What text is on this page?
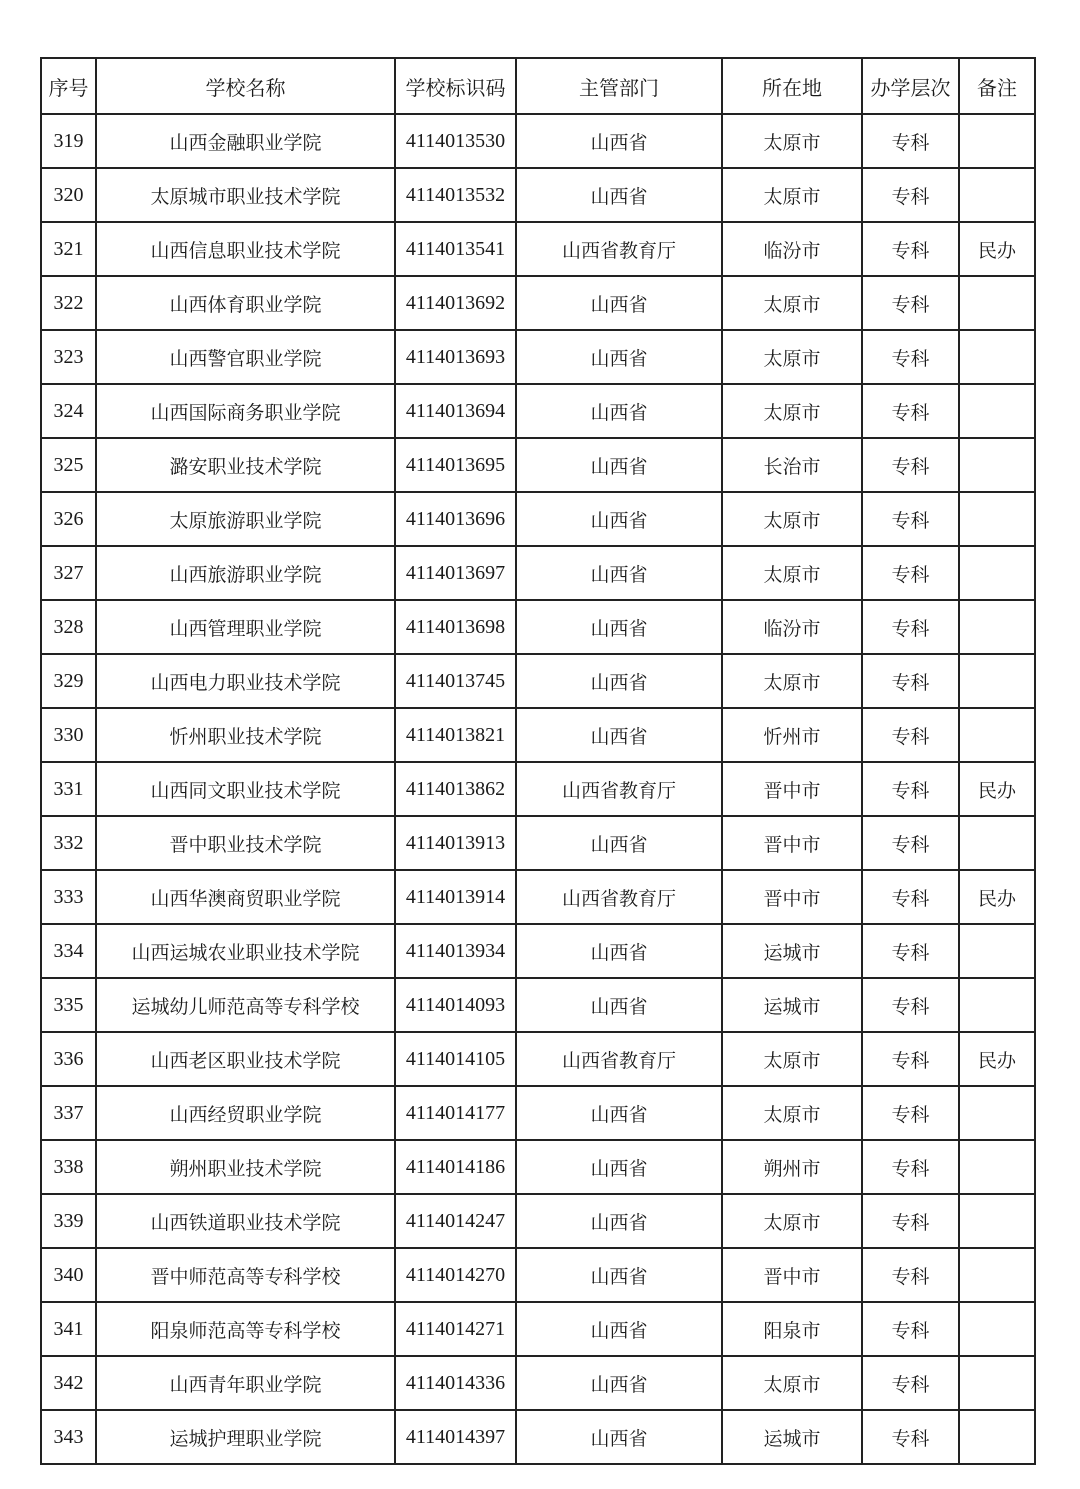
序号	学校名称	学校标识码	主管部门	所在地	办学层次	备注
319	山西金融职业学院	4114013530	山西省	太原市	专科	
320	太原城市职业技术学院	4114013532	山西省	太原市	专科	
321	山西信息职业技术学院	4114013541	山西省教育厅	临汾市	专科	民办
322	山西体育职业学院	4114013692	山西省	太原市	专科	
323	山西警官职业学院	4114013693	山西省	太原市	专科	
324	山西国际商务职业学院	4114013694	山西省	太原市	专科	
325	潞安职业技术学院	4114013695	山西省	长治市	专科	
326	太原旅游职业学院	4114013696	山西省	太原市	专科	
327	山西旅游职业学院	4114013697	山西省	太原市	专科	
328	山西管理职业学院	4114013698	山西省	临汾市	专科	
329	山西电力职业技术学院	4114013745	山西省	太原市	专科	
330	忻州职业技术学院	4114013821	山西省	忻州市	专科	
331	山西同文职业技术学院	4114013862	山西省教育厅	晋中市	专科	民办
332	晋中职业技术学院	4114013913	山西省	晋中市	专科	
333	山西华澳商贸职业学院	4114013914	山西省教育厅	晋中市	专科	民办
334	山西运城农业职业技术学院	4114013934	山西省	运城市	专科	
335	运城幼儿师范高等专科学校	4114014093	山西省	运城市	专科	
336	山西老区职业技术学院	4114014105	山西省教育厅	太原市	专科	民办
337	山西经贸职业学院	4114014177	山西省	太原市	专科	
338	朔州职业技术学院	4114014186	山西省	朔州市	专科	
339	山西铁道职业技术学院	4114014247	山西省	太原市	专科	
340	晋中师范高等专科学校	4114014270	山西省	晋中市	专科	
341	阳泉师范高等专科学校	4114014271	山西省	阳泉市	专科	
342	山西青年职业学院	4114014336	山西省	太原市	专科	
343	运城护理职业学院	4114014397	山西省	运城市	专科	
